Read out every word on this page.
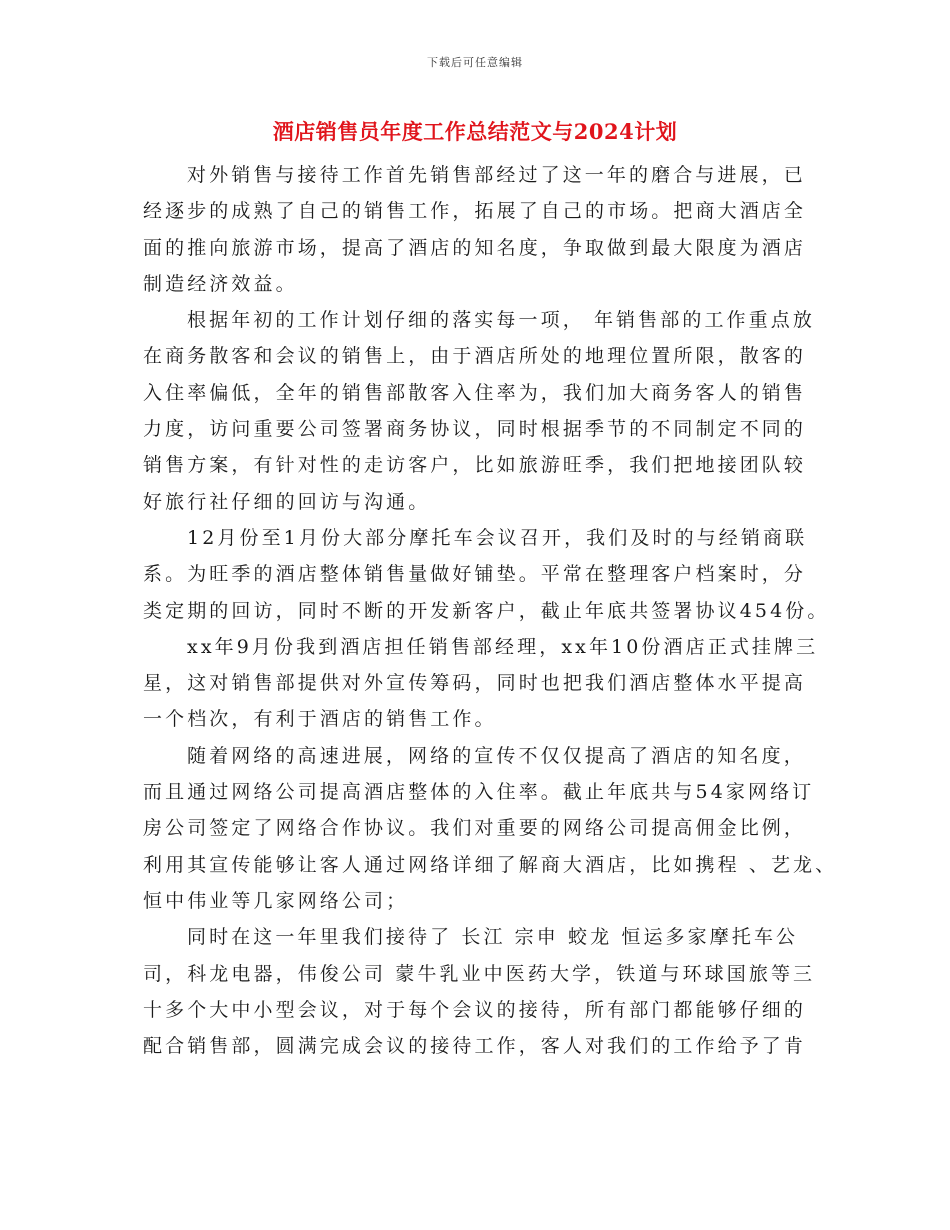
下载后可任意编辑
酒店销售员年度工作总结范文与2024计划
对外销售与接待工作首先销售部经过了这一年的磨合与进展，已
经逐步的成熟了自己的销售工作，拓展了自己的市场。把商大酒店全
面的推向旅游市场，提高了酒店的知名度，争取做到最大限度为酒店
制造经济效益。
根据年初的工作计划仔细的落实每一项， 年销售部的工作重点放
在商务散客和会议的销售上，由于酒店所处的地理位置所限，散客的
入住率偏低，全年的销售部散客入住率为，我们加大商务客人的销售
力度，访问重要公司签署商务协议，同时根据季节的不同制定不同的
销售方案，有针对性的走访客户，比如旅游旺季，我们把地接团队较
好旅行社仔细的回访与沟通。
12月份至1月份大部分摩托车会议召开，我们及时的与经销商联
系。为旺季的酒店整体销售量做好铺垫。平常在整理客户档案时，分
类定期的回访，同时不断的开发新客户，截止年底共签署协议454份。
xx年9月份我到酒店担任销售部经理，xx年10份酒店正式挂牌三
星，这对销售部提供对外宣传筹码，同时也把我们酒店整体水平提高
一个档次，有利于酒店的销售工作。
随着网络的高速进展，网络的宣传不仅仅提高了酒店的知名度，
而且通过网络公司提高酒店整体的入住率。截止年底共与54家网络订
房公司签定了网络合作协议。我们对重要的网络公司提高佣金比例，
利用其宣传能够让客人通过网络详细了解商大酒店，比如携程 、艺龙、
恒中伟业等几家网络公司；
同时在这一年里我们接待了 长江 宗申 蛟龙 恒运多家摩托车公
司，科龙电器，伟俊公司 蒙牛乳业中医药大学，铁道与环球国旅等三
十多个大中小型会议，对于每个会议的接待，所有部门都能够仔细的
配合销售部，圆满完成会议的接待工作，客人对我们的工作给予了肯
